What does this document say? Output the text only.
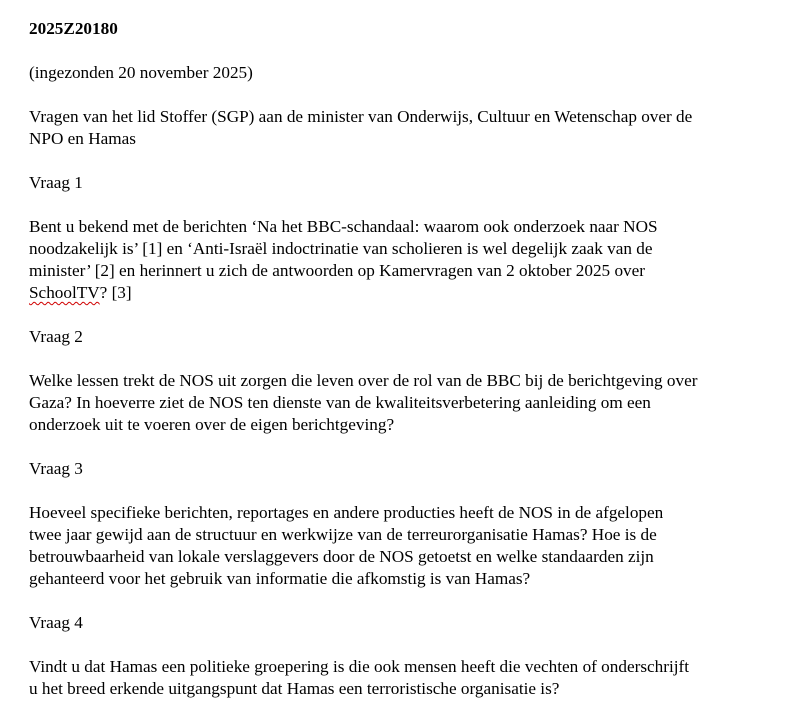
2025Z20180

(ingezonden 20 november 2025)

Vragen van het lid Stoffer (SGP) aan de minister van Onderwijs, Cultuur en Wetenschap over de

NPO en Hamas

Vraag 1

Bent u bekend met de berichten ‘Na het BBC-schandaal: waarom ook onderzoek naar NOS

noodzakelijk is’ [1] en ‘Anti-Israël indoctrinatie van scholieren is wel degelijk zaak van de

minister’ [2] en herinnert u zich de antwoorden op Kamervragen van 2 oktober 2025 over

SchoolTV? [3]

Vraag 2

Welke lessen trekt de NOS uit zorgen die leven over de rol van de BBC bij de berichtgeving over

Gaza? In hoeverre ziet de NOS ten dienste van de kwaliteitsverbetering aanleiding om een

onderzoek uit te voeren over de eigen berichtgeving?

Vraag 3

Hoeveel specifieke berichten, reportages en andere producties heeft de NOS in de afgelopen

twee jaar gewijd aan de structuur en werkwijze van de terreurorganisatie Hamas? Hoe is de

betrouwbaarheid van lokale verslaggevers door de NOS getoetst en welke standaarden zijn

gehanteerd voor het gebruik van informatie die afkomstig is van Hamas?

Vraag 4

Vindt u dat Hamas een politieke groepering is die ook mensen heeft die vechten of onderschrijft

u het breed erkende uitgangspunt dat Hamas een terroristische organisatie is?
